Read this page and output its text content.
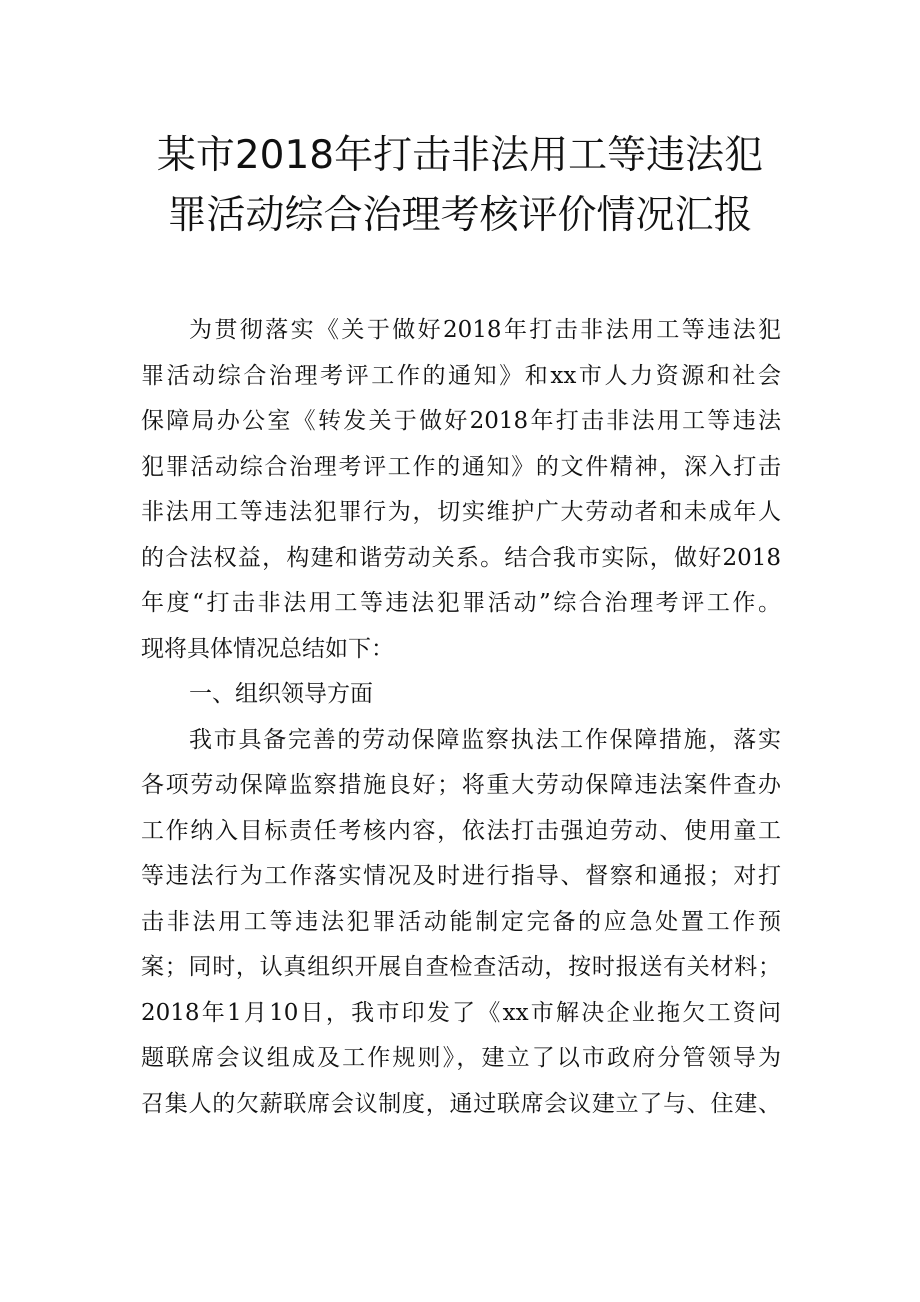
某市2018年打击非法用工等违法犯
罪活动综合治理考核评价情况汇报
为贯彻落实《关于做好2018年打击非法用工等违法犯
罪活动综合治理考评工作的通知》和xx市人力资源和社会
保障局办公室《转发关于做好2018年打击非法用工等违法
犯罪活动综合治理考评工作的通知》的文件精神，深入打击
非法用工等违法犯罪行为，切实维护广大劳动者和未成年人
的合法权益，构建和谐劳动关系。结合我市实际，做好2018
年度“打击非法用工等违法犯罪活动”综合治理考评工作。
现将具体情况总结如下：
一、组织领导方面
我市具备完善的劳动保障监察执法工作保障措施，落实
各项劳动保障监察措施良好；将重大劳动保障违法案件查办
工作纳入目标责任考核内容，依法打击强迫劳动、使用童工
等违法行为工作落实情况及时进行指导、督察和通报；对打
击非法用工等违法犯罪活动能制定完备的应急处置工作预
案；同时，认真组织开展自查检查活动，按时报送有关材料；
2018年1月10日，我市印发了《xx市解决企业拖欠工资问
题联席会议组成及工作规则》，建立了以市政府分管领导为
召集人的欠薪联席会议制度，通过联席会议建立了与、住建、
